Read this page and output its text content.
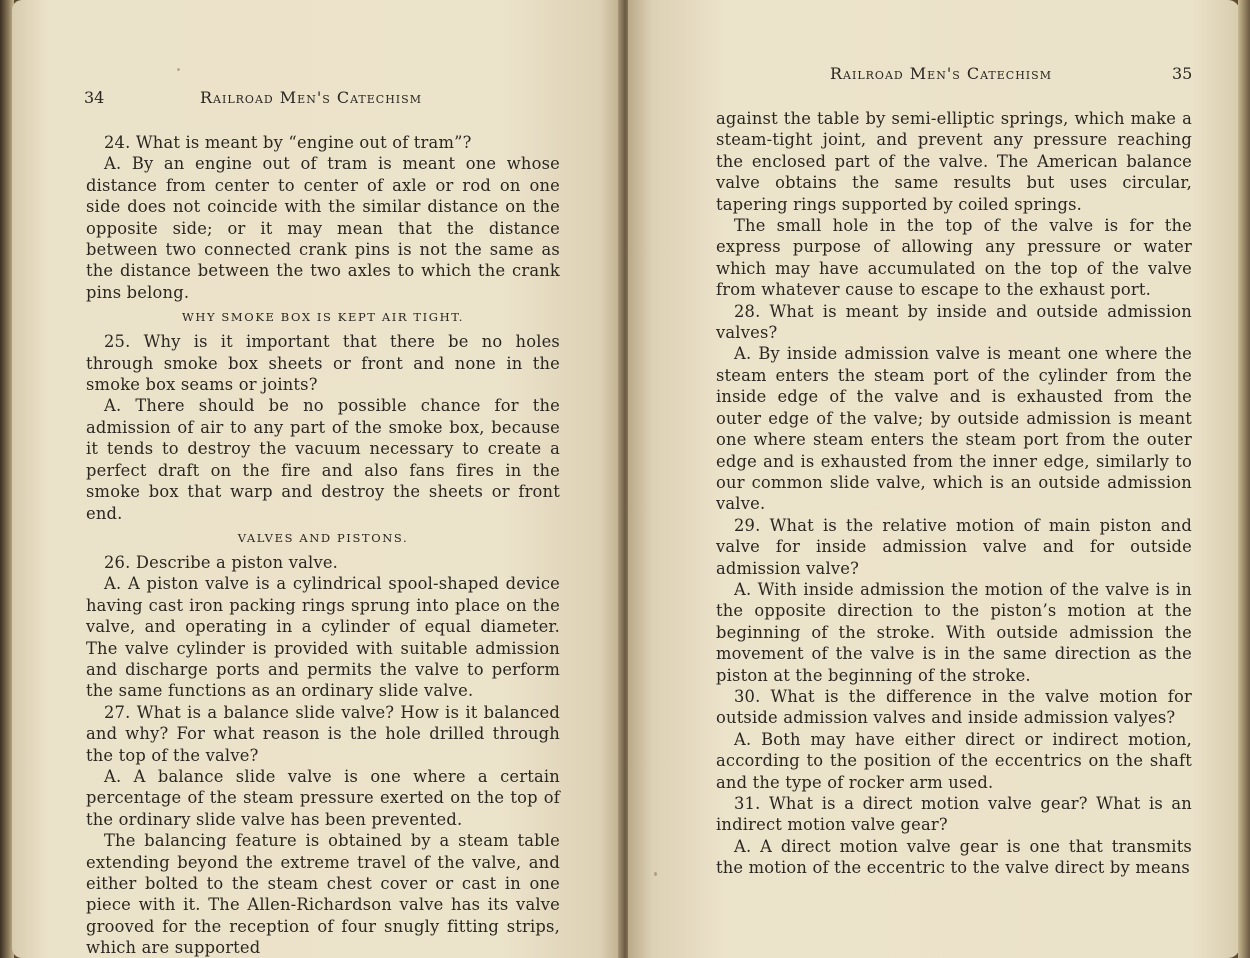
34	Railroad Men's Catechism

24. What is meant by “engine out of tram”?

A. By an engine out of tram is meant one whose distance from center to center of axle or rod on one side does not coincide with the similar distance on the opposite side; or it may mean that the distance between two connected crank pins is not the same as the distance between the two axles to which the crank pins belong.

WHY SMOKE BOX IS KEPT AIR TIGHT.

25. Why is it important that there be no holes through smoke box sheets or front and none in the smoke box seams or joints?

A. There should be no possible chance for the admission of air to any part of the smoke box, because it tends to destroy the vacuum necessary to create a perfect draft on the fire and also fans fires in the smoke box that warp and destroy the sheets or front end.

VALVES AND PISTONS.

26. Describe a piston valve.

A. A piston valve is a cylindrical spool-shaped device having cast iron packing rings sprung into place on the valve, and operating in a cylinder of equal diameter. The valve cylinder is provided with suitable admission and discharge ports and permits the valve to perform the same functions as an ordinary slide valve.

27. What is a balance slide valve? How is it balanced and why? For what reason is the hole drilled through the top of the valve?

A. A balance slide valve is one where a certain percentage of the steam pressure exerted on the top of the ordinary slide valve has been prevented.

The balancing feature is obtained by a steam table extending beyond the extreme travel of the valve, and either bolted to the steam chest cover or cast in one piece with it. The Allen-Richardson valve has its valve grooved for the reception of four snugly fitting strips, which are supported

Railroad Men's Catechism	35

against the table by semi-elliptic springs, which make a steam-tight joint, and prevent any pressure reaching the enclosed part of the valve. The American balance valve obtains the same results but uses circular, tapering rings supported by coiled springs.

The small hole in the top of the valve is for the express purpose of allowing any pressure or water which may have accumulated on the top of the valve from whatever cause to escape to the exhaust port.

28. What is meant by inside and outside admission valves?

A. By inside admission valve is meant one where the steam enters the steam port of the cylinder from the inside edge of the valve and is exhausted from the outer edge of the valve; by outside admission is meant one where steam enters the steam port from the outer edge and is exhausted from the inner edge, similarly to our common slide valve, which is an outside admission valve.

29. What is the relative motion of main piston and valve for inside admission valve and for outside admission valve?

A. With inside admission the motion of the valve is in the opposite direction to the piston’s motion at the beginning of the stroke. With outside admission the movement of the valve is in the same direction as the piston at the beginning of the stroke.

30. What is the difference in the valve motion for outside admission valves and inside admission valyes?

A. Both may have either direct or indirect motion, according to the position of the eccentrics on the shaft and the type of rocker arm used.

31. What is a direct motion valve gear? What is an indirect motion valve gear?

A. A direct motion valve gear is one that transmits the motion of the eccentric to the valve direct by means
